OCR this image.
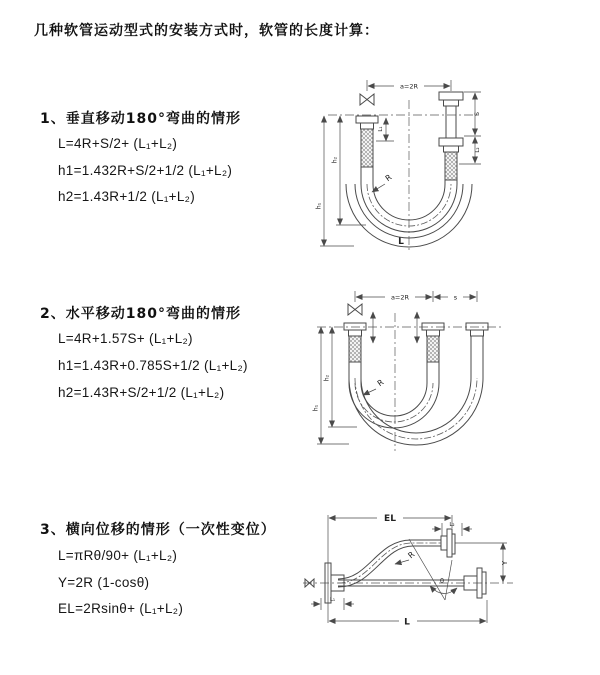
几种软管运动型式的安装方式时，软管的长度计算：
1、垂直移动180°弯曲的情形
L=4R+S/2+ (L₁+L₂)
h1=1.432R+S/2+1/2 (L₁+L₂)
h2=1.43R+1/2 (L₁+L₂)
2、水平移动180°弯曲的情形
L=4R+1.57S+ (L₁+L₂)
h1=1.43R+0.785S+1/2 (L₁+L₂)
h2=1.43R+S/2+1/2 (L₁+L₂)
3、横向位移的情形（一次性变位）
L=πRθ/90+ (L₁+L₂)
Y=2R (1-cosθ)
EL=2Rsinθ+ (L₁+L₂)
a=2R
h₁
h₂
L₁
S
L₂
R
L
a=2R	s
h₁
h₂	R
EL
L₂
Y
L
L₁
R
θ
